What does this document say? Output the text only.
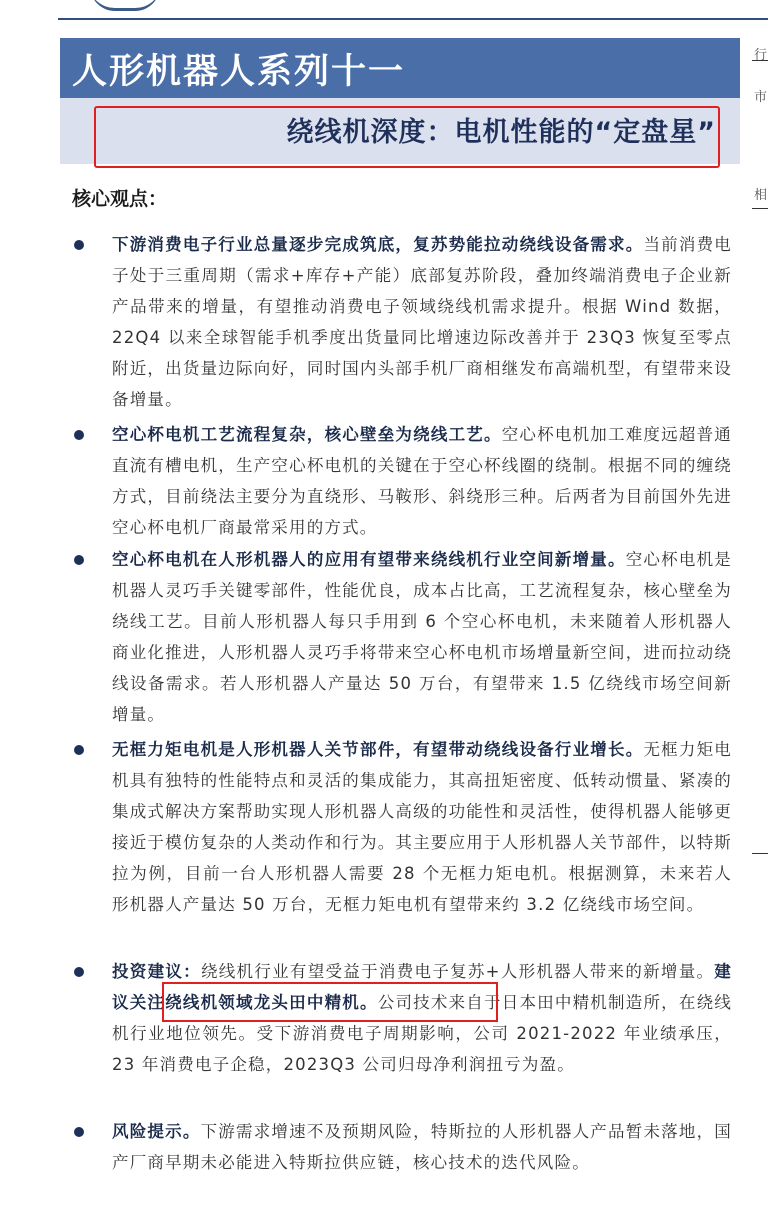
人形机器人系列十一
绕线机深度：电机性能的“定盘星”
行
市
相
核心观点：
下游消费电子行业总量逐步完成筑底，复苏势能拉动绕线设备需求。当前消费电子处于三重周期（需求+库存+产能）底部复苏阶段，叠加终端消费电子企业新产品带来的增量，有望推动消费电子领域绕线机需求提升。根据 Wind 数据，22Q4 以来全球智能手机季度出货量同比增速边际改善并于 23Q3 恢复至零点附近，出货量边际向好，同时国内头部手机厂商相继发布高端机型，有望带来设备增量。
空心杯电机工艺流程复杂，核心壁垒为绕线工艺。空心杯电机加工难度远超普通直流有槽电机，生产空心杯电机的关键在于空心杯线圈的绕制。根据不同的缠绕方式，目前绕法主要分为直绕形、马鞍形、斜绕形三种。后两者为目前国外先进空心杯电机厂商最常采用的方式。
空心杯电机在人形机器人的应用有望带来绕线机行业空间新增量。空心杯电机是机器人灵巧手关键零部件，性能优良，成本占比高，工艺流程复杂，核心壁垒为绕线工艺。目前人形机器人每只手用到 6 个空心杯电机，未来随着人形机器人商业化推进，人形机器人灵巧手将带来空心杯电机市场增量新空间，进而拉动绕线设备需求。若人形机器人产量达 50 万台，有望带来 1.5 亿绕线市场空间新增量。
无框力矩电机是人形机器人关节部件，有望带动绕线设备行业增长。无框力矩电机具有独特的性能特点和灵活的集成能力，其高扭矩密度、低转动惯量、紧凑的集成式解决方案帮助实现人形机器人高级的功能性和灵活性，使得机器人能够更接近于模仿复杂的人类动作和行为。其主要应用于人形机器人关节部件，以特斯拉为例，目前一台人形机器人需要 28 个无框力矩电机。根据测算，未来若人形机器人产量达 50 万台，无框力矩电机有望带来约 3.2 亿绕线市场空间。
投资建议：绕线机行业有望受益于消费电子复苏+人形机器人带来的新增量。建议关注绕线机领域龙头田中精机。公司技术来自于日本田中精机制造所，在绕线机行业地位领先。受下游消费电子周期影响，公司 2021-2022 年业绩承压，23 年消费电子企稳，2023Q3 公司归母净利润扭亏为盈。
风险提示。下游需求增速不及预期风险，特斯拉的人形机器人产品暂未落地，国产厂商早期未必能进入特斯拉供应链，核心技术的迭代风险。
